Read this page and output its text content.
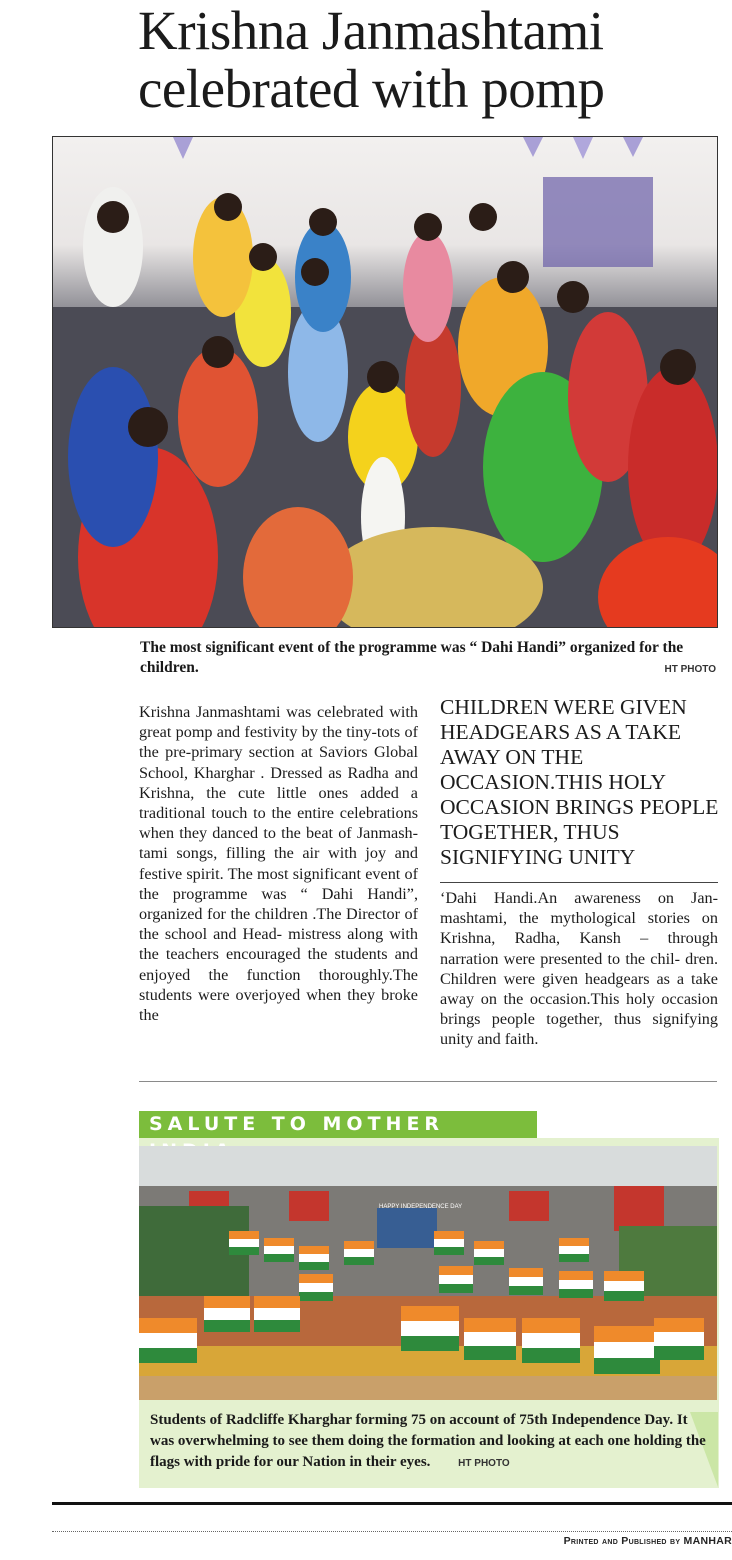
Krishna Janmashtami celebrated with pomp
The most significant event of the programme was “ Dahi Handi” organized for the children.	HT PHOTO
Krishna Janmashtami was celebrated with great pomp and festivity by the tiny-tots of the pre-primary section at Saviors Global School, Kharghar . Dressed as Radha and Krishna, the cute little ones added a traditional touch to the entire celebrations when they danced to the beat of Janmash- tami songs, filling the air with joy and festive spirit. The most significant event of the programme was “ Dahi Handi”, organized for the children .The Director of the school and Head- mistress along with the teachers encouraged the students and enjoyed the function thoroughly.The students were overjoyed when they broke the
CHILDREN WERE GIVEN HEADGEARS AS A TAKE AWAY ON THE OCCASION.THIS HOLY OCCASION BRINGS PEOPLE TOGETHER, THUS SIGNIFYING UNITY
‘Dahi Handi.An awareness on Jan- mashtami, the mythological stories on Krishna, Radha, Kansh – through narration were presented to the chil- dren. Children were given headgears as a take away on the occasion.This holy occasion brings people together, thus signifying unity and faith.
SALUTE TO MOTHER
HAPPY INDEPENDENCE DAY
Students of Radcliffe Kharghar forming 75 on account of 75th Independence Day. It was overwhelming to see them doing the formation and looking at each one holding the flags with pride for our Nation in their eyes.	HT PHOTO
Printed and Published by MANHAR
